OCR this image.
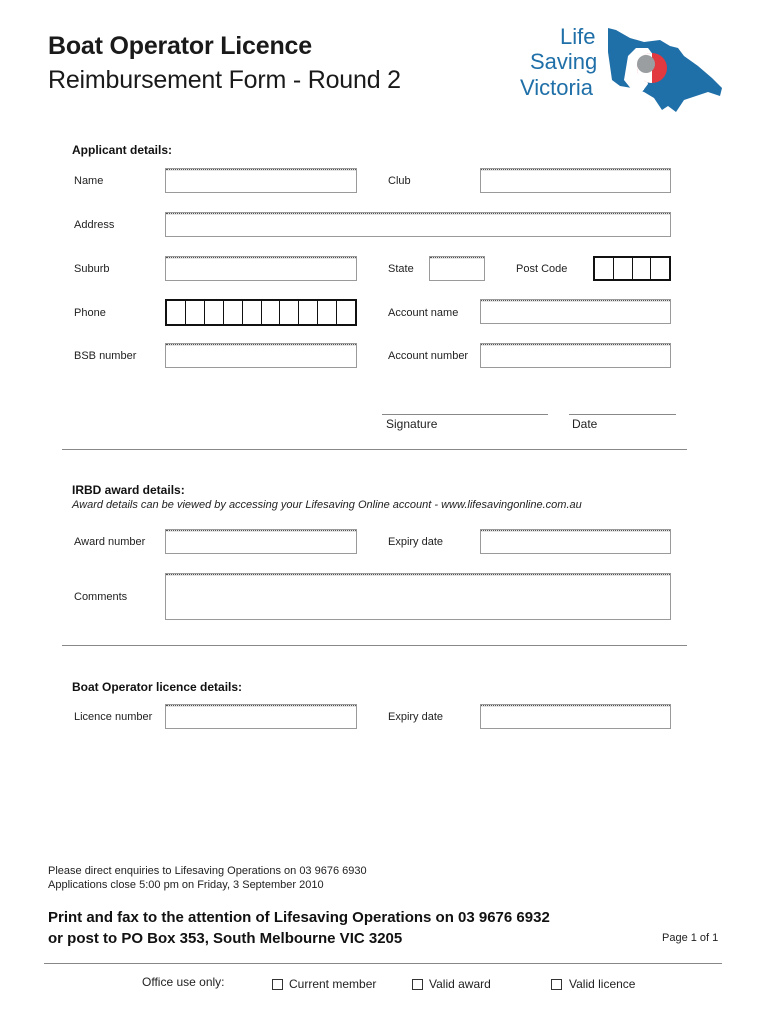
Boat Operator Licence
Reimbursement Form - Round 2
Life
Saving
Victoria
Applicant details:
Name	Club
Address
Suburb	State	Post Code
Phone	Account name
BSB number	Account number
Signature	Date
IRBD award details:
Award details can be viewed by accessing your Lifesaving Online account - www.lifesavingonline.com.au
Award number	Expiry date
Comments
Boat Operator licence details:
Licence number	Expiry date
Please direct enquiries to Lifesaving Operations on 03 9676 6930
Applications close 5:00 pm on Friday, 3 September 2010
Print and fax to the attention of Lifesaving Operations on 03 9676 6932
or post to PO Box 353, South Melbourne VIC 3205	Page 1 of 1
Office use only:	Current member	Valid award	Valid licence
